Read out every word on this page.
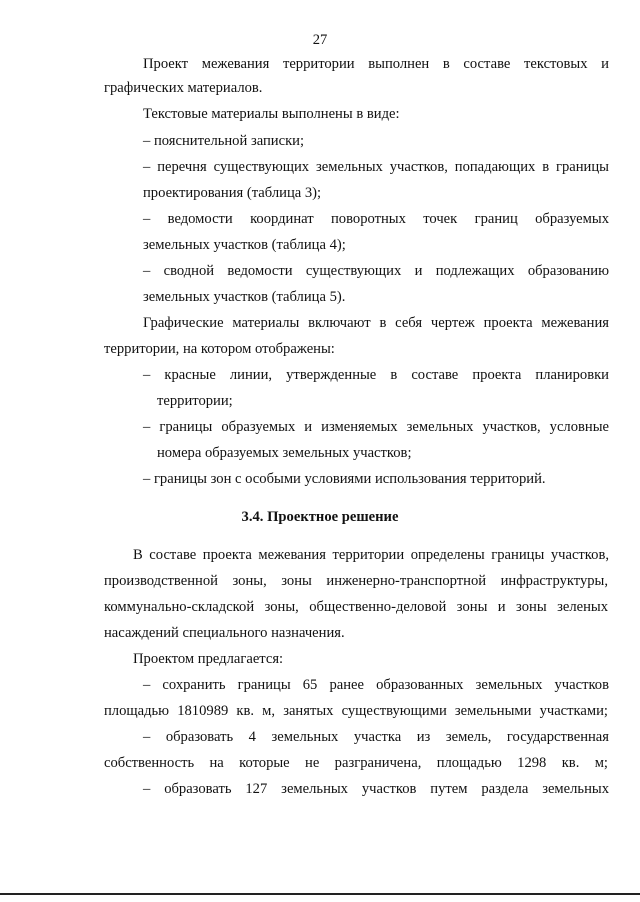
27
Проект межевания территории выполнен в составе текстовых и
графических материалов.
Текстовые материалы выполнены в виде:
– пояснительной записки;
– перечня существующих земельных участков, попадающих в границы
проектирования (таблица 3);
– ведомости координат поворотных точек границ образуемых
земельных участков (таблица 4);
– сводной ведомости существующих и подлежащих образованию
земельных участков (таблица 5).
Графические материалы включают в себя чертеж проекта межевания
территории, на котором отображены:
– красные линии, утвержденные в составе проекта планировки
территории;
– границы образуемых и изменяемых земельных участков, условные
номера образуемых земельных участков;
– границы зон с особыми условиями использования территорий.
3.4. Проектное решение
В составе проекта межевания территории определены границы участков,
производственной зоны, зоны инженерно-транспортной инфраструктуры,
коммунально-складской зоны, общественно-деловой зоны и зоны зеленых
насаждений специального назначения.
Проектом предлагается:
– сохранить границы 65 ранее образованных земельных участков
площадью 1810989 кв. м, занятых существующими земельными участками;
– образовать 4 земельных участка из земель, государственная
собственность на которые не разграничена, площадью 1298 кв. м;
– образовать 127 земельных участков путем раздела земельных
